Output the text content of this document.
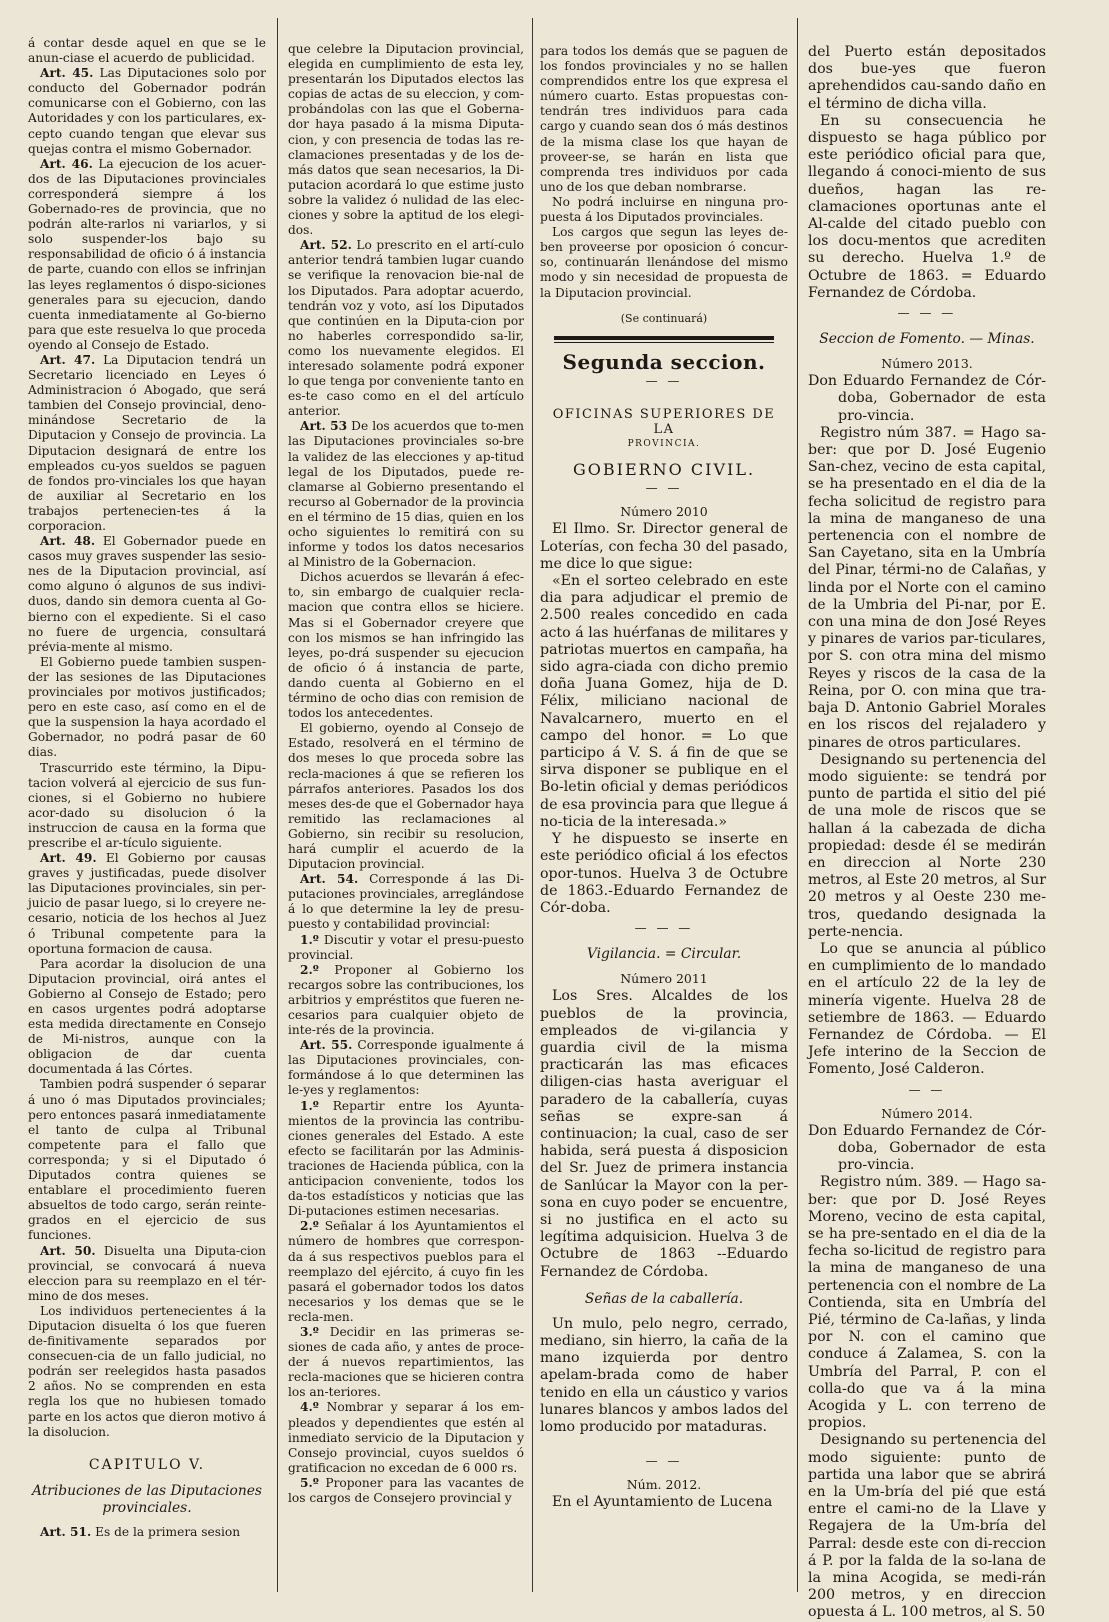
á contar desde aquel en que se le anun-ciase el acuerdo de publicidad.

Art. 45. Las Diputaciones solo por conducto del Gobernador podrán comunicarse con el Gobierno, con las Autoridades y con los particulares, ex-cepto cuando tengan que elevar sus quejas contra el mismo Gobernador.

Art. 46. La ejecucion de los acuer-dos de las Diputaciones provinciales corresponderá siempre á los Gobernado-res de provincia, que no podrán alte-rarlos ni variarlos, y si solo suspender-los bajo su responsabilidad de oficio ó á instancia de parte, cuando con ellos se infrinjan las leyes reglamentos ó dispo-siciones generales para su ejecucion, dando cuenta inmediatamente al Go-bierno para que este resuelva lo que proceda oyendo al Consejo de Estado.

Art. 47. La Diputacion tendrá un Secretario licenciado en Leyes ó Administracion ó Abogado, que será tambien del Consejo provincial, deno-minándose Secretario de la Diputacion y Consejo de provincia. La Diputacion designará de entre los empleados cu-yos sueldos se paguen de fondos pro-vinciales los que hayan de auxiliar al Secretario en los trabajos pertenecien-tes á la corporacion.

Art. 48. El Gobernador puede en casos muy graves suspender las sesio-nes de la Diputacion provincial, así como alguno ó algunos de sus indivi-duos, dando sin demora cuenta al Go-bierno con el expediente. Si el caso no fuere de urgencia, consultará prévia-mente al mismo.

El Gobierno puede tambien suspen-der las sesiones de las Diputaciones provinciales por motivos justificados; pero en este caso, así como en el de que la suspension la haya acordado el Gobernador, no podrá pasar de 60 dias.

Trascurrido este término, la Dipu-tacion volverá al ejercicio de sus fun-ciones, si el Gobierno no hubiere acor-dado su disolucion ó la instruccion de causa en la forma que prescribe el ar-tículo siguiente.

Art. 49. El Gobierno por causas graves y justificadas, puede disolver las Diputaciones provinciales, sin per-juicio de pasar luego, si lo creyere ne-cesario, noticia de los hechos al Juez ó Tribunal competente para la oportuna formacion de causa.

Para acordar la disolucion de una Diputacion provincial, oirá antes el Gobierno al Consejo de Estado; pero en casos urgentes podrá adoptarse esta medida directamente en Consejo de Mi-nistros, aunque con la obligacion de dar cuenta documentada á las Córtes.

Tambien podrá suspender ó separar á uno ó mas Diputados provinciales; pero entonces pasará inmediatamente el tanto de culpa al Tribunal competente para el fallo que corresponda; y si el Diputado ó Diputados contra quienes se entablare el procedimiento fueren absueltos de todo cargo, serán reinte-grados en el ejercicio de sus funciones.

Art. 50. Disuelta una Diputa-cion provincial, se convocará á nueva eleccion para su reemplazo en el tér-mino de dos meses.

Los individuos pertenecientes á la Diputacion disuelta ó los que fueren de-finitivamente separados por consecuen-cia de un fallo judicial, no podrán ser reelegidos hasta pasados 2 años. No se comprenden en esta regla los que no hubiesen tomado parte en los actos que dieron motivo á la disolucion.

CAPITULO V.
Atribuciones de las Diputaciones provinciales.

Art. 51. Es de la primera sesion

que celebre la Diputacion provincial, elegida en cumplimiento de esta ley, presentarán los Diputados electos las copias de actas de su eleccion, y com-probándolas con las que el Goberna-dor haya pasado á la misma Diputa-cion, y con presencia de todas las re-clamaciones presentadas y de los de-más datos que sean necesarios, la Di-putacion acordará lo que estime justo sobre la validez ó nulidad de las elec-ciones y sobre la aptitud de los elegi-dos.

Art. 52. Lo prescrito en el artí-culo anterior tendrá tambien lugar cuando se verifique la renovacion bie-nal de los Diputados. Para adoptar acuerdo, tendrán voz y voto, así los Diputados que continúen en la Diputa-cion por no haberles correspondido sa-lir, como los nuevamente elegidos. El interesado solamente podrá exponer lo que tenga por conveniente tanto en es-te caso como en el del artículo anterior.

Art. 53 De los acuerdos que to-men las Diputaciones provinciales so-bre la validez de las elecciones y ap-titud legal de los Diputados, puede re-clamarse al Gobierno presentando el recurso al Gobernador de la provincia en el término de 15 dias, quien en los ocho siguientes lo remitirá con su informe y todos los datos necesarios al Ministro de la Gobernacion.

Dichos acuerdos se llevarán á efec-to, sin embargo de cualquier recla-macion que contra ellos se hiciere. Mas si el Gobernador creyere que con los mismos se han infringido las leyes, po-drá suspender su ejecucion de oficio ó á instancia de parte, dando cuenta al Gobierno en el término de ocho dias con remision de todos los antecedentes.

El gobierno, oyendo al Consejo de Estado, resolverá en el término de dos meses lo que proceda sobre las recla-maciones á que se refieren los párrafos anteriores. Pasados los dos meses des-de que el Gobernador haya remitido las reclamaciones al Gobierno, sin recibir su resolucion, hará cumplir el acuerdo de la Diputacion provincial.

Art. 54. Corresponde á las Di-putaciones provinciales, arreglándose á lo que determine la ley de presu-puesto y contabilidad provincial:

1.º Discutir y votar el presu-puesto provincial.

2.º Proponer al Gobierno los recargos sobre las contribuciones, los arbitrios y empréstitos que fueren ne-cesarios para cualquier objeto de inte-rés de la provincia.

Art. 55. Corresponde igualmente á las Diputaciones provinciales, con-formándose á lo que determinen las le-yes y reglamentos:

1.º Repartir entre los Ayunta-mientos de la provincia las contribu-ciones generales del Estado. A este efecto se facilitarán por las Adminis-traciones de Hacienda pública, con la anticipacion conveniente, todos los da-tos estadísticos y noticias que las Di-putaciones estimen necesarias.

2.º Señalar á los Ayuntamientos el número de hombres que correspon-da á sus respectivos pueblos para el reemplazo del ejército, á cuyo fin les pasará el gobernador todos los datos necesarios y los demas que se le recla-men.

3.º Decidir en las primeras se-siones de cada año, y antes de proce-der á nuevos repartimientos, las recla-maciones que se hicieren contra los an-teriores.

4.º Nombrar y separar á los em-pleados y dependientes que estén al inmediato servicio de la Diputacion y Consejo provincial, cuyos sueldos ó gratificacion no excedan de 6 000 rs.

5.º Proponer para las vacantes de los cargos de Consejero provincial y

para todos los demás que se paguen de los fondos provinciales y no se hallen comprendidos entre los que expresa el número cuarto. Estas propuestas con-tendrán tres individuos para cada cargo y cuando sean dos ó más destinos de la misma clase los que hayan de proveer-se, se harán en lista que comprenda tres individuos por cada uno de los que deban nombrarse.

No podrá incluirse en ninguna pro-puesta á los Diputados provinciales.

Los cargos que segun las leyes de-ben proveerse por oposicion ó concur-so, continuarán llenándose del mismo modo y sin necesidad de propuesta de la Diputacion provincial.

(Se continuará)
Segunda seccion.
— —
OFICINAS SUPERIORES DE LA
PROVINCIA.
GOBIERNO CIVIL.
— —
Número 2010

El Ilmo. Sr. Director general de Loterías, con fecha 30 del pasado, me dice lo que sigue:

«En el sorteo celebrado en este dia para adjudicar el premio de 2.500 reales concedido en cada acto á las huérfanas de militares y patriotas muertos en campaña, ha sido agra-ciada con dicho premio doña Juana Gomez, hija de D. Félix, miliciano nacional de Navalcarnero, muerto en el campo del honor. = Lo que participo á V. S. á fin de que se sirva disponer se publique en el Bo-letin oficial y demas periódicos de esa provincia para que llegue á no-ticia de la interesada.»

Y he dispuesto se inserte en este periódico oficial á los efectos opor-tunos. Huelva 3 de Octubre de 1863.-Eduardo Fernandez de Cór-doba.

— — —
Vigilancia. = Circular.
Número 2011

Los Sres. Alcaldes de los pueblos de la provincia, empleados de vi-gilancia y guardia civil de la misma practicarán las mas eficaces diligen-cias hasta averiguar el paradero de la caballería, cuyas señas se expre-san á continuacion; la cual, caso de ser habida, será puesta á disposicion del Sr. Juez de primera instancia de Sanlúcar la Mayor con la per-sona en cuyo poder se encuentre, si no justifica en el acto su legítima adquisicion. Huelva 3 de Octubre de 1863 --Eduardo Fernandez de Córdoba.

Señas de la caballería.

Un mulo, pelo negro, cerrado, mediano, sin hierro, la caña de la mano izquierda por dentro apelam-brada como de haber tenido en ella un cáustico y varios lunares blancos y ambos lados del lomo producido por mataduras.

— —
Núm. 2012.

En el Ayuntamiento de Lucena

del Puerto están depositados dos bue-yes que fueron aprehendidos cau-sando daño en el término de dicha villa.

En su consecuencia he dispuesto se haga público por este periódico oficial para que, llegando á conoci-miento de sus dueños, hagan las re-clamaciones oportunas ante el Al-calde del citado pueblo con los docu-mentos que acrediten su derecho. Huelva 1.º de Octubre de 1863. = Eduardo Fernandez de Córdoba.

— — —
Seccion de Fomento. — Minas.
Número 2013.

Don Eduardo Fernandez de Cór-doba, Gobernador de esta pro-vincia.

Registro núm 387. = Hago sa-ber: que por D. José Eugenio San-chez, vecino de esta capital, se ha presentado en el dia de la fecha solicitud de registro para la mina de manganeso de una pertenencia con el nombre de San Cayetano, sita en la Umbría del Pinar, térmi-no de Calañas, y linda por el Norte con el camino de la Umbria del Pi-nar, por E. con una mina de don José Reyes y pinares de varios par-ticulares, por S. con otra mina del mismo Reyes y riscos de la casa de la Reina, por O. con mina que tra-baja D. Antonio Gabriel Morales en los riscos del rejaladero y pinares de otros particulares.

Designando su pertenencia del modo siguiente: se tendrá por punto de partida el sitio del pié de una mole de riscos que se hallan á la cabezada de dicha propiedad: desde él se medirán en direccion al Norte 230 metros, al Este 20 metros, al Sur 20 metros y al Oeste 230 me-tros, quedando designada la perte-nencia.

Lo que se anuncia al público en cumplimiento de lo mandado en el artículo 22 de la ley de minería vigente. Huelva 28 de setiembre de 1863. — Eduardo Fernandez de Córdoba. — El Jefe interino de la Seccion de Fomento, José Calderon.

— —
Número 2014.

Don Eduardo Fernandez de Cór-doba, Gobernador de esta pro-vincia.

Registro núm. 389. — Hago sa-ber: que por D. José Reyes Moreno, vecino de esta capital, se ha pre-sentado en el dia de la fecha so-licitud de registro para la mina de manganeso de una pertenencia con el nombre de La Contienda, sita en Umbría del Pié, término de Ca-lañas, y linda por N. con el camino que conduce á Zalamea, S. con la Umbría del Parral, P. con el colla-do que va á la mina Acogida y L. con terreno de propios.

Designando su pertenencia del modo siguiente: punto de partida una labor que se abrirá en la Um-bría del pié que está entre el cami-no de la Llave y Regajera de la Um-bría del Parral: desde este con di-reccion á P. por la falda de la so-lana de la mina Acogida, se medi-rán 200 metros, y en direccion opuesta á L. 100 metros, al S. 50
